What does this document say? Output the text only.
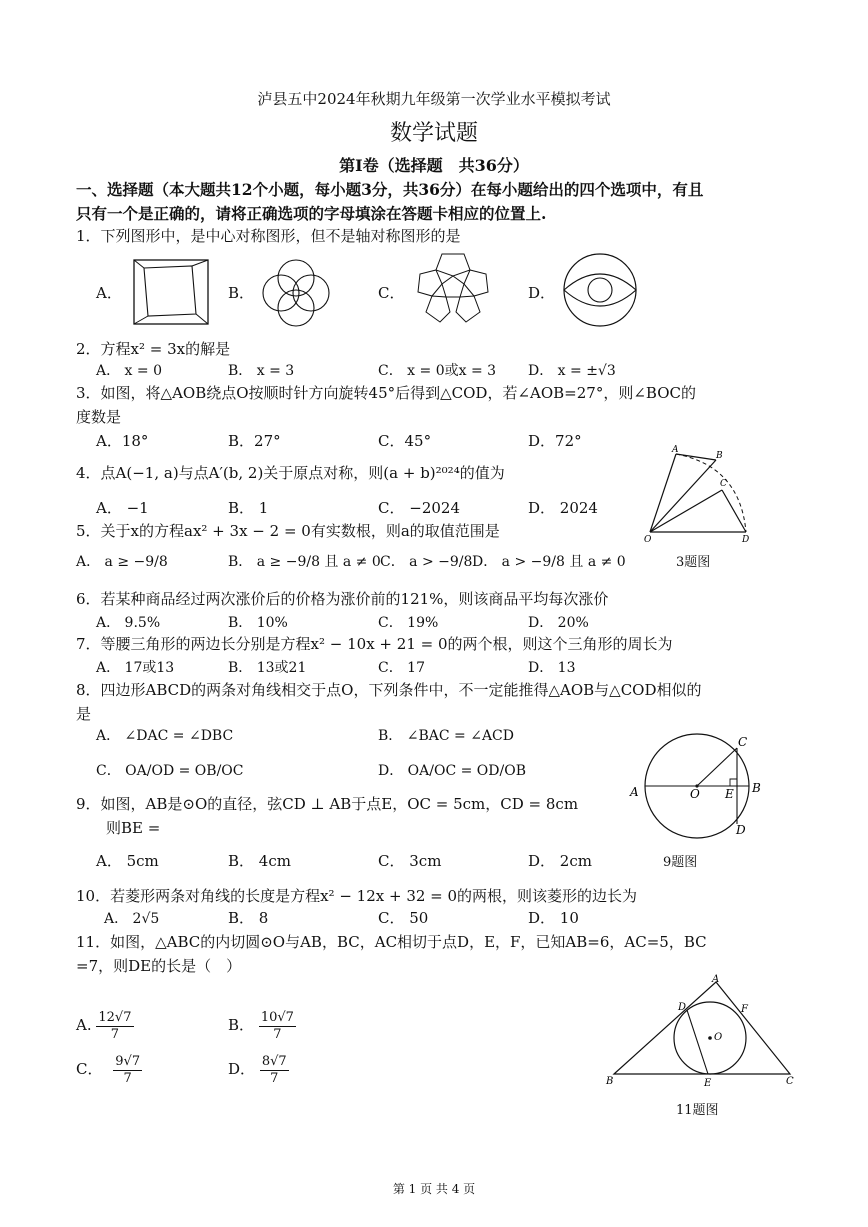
泸县五中2024年秋期九年级第一次学业水平模拟考试
数学试题
第Ⅰ卷（选择题　共36分）
一、选择题（本大题共12个小题，每小题3分，共36分）在每小题给出的四个选项中，有且
只有一个是正确的，请将正确选项的字母填涂在答题卡相应的位置上.
1．下列图形中，是中心对称图形，但不是轴对称图形的是
A．	B．	C．	D．
2．方程x² = 3x的解是
A． x = 0	B． x = 3	C． x = 0或x = 3 D． x = ±√3
3．如图，将△AOB绕点O按顺时针方向旋转45°后得到△COD，若∠AOB=27°，则∠BOC的
度数是
A．18°	B．27°	C．45°	D．72°	A
B
C
O	D
4．点A(−1, a)与点A′(b, 2)关于原点对称，则(a + b)²⁰²⁴的值为
A． −1	B． 1	C． −2024	D． 2024
5．关于x的方程ax² + 3x − 2 = 0有实数根，则a的取值范围是
A． a ≥ −9/8	B． a ≥ −9/8 且 a ≠ 0 C． a > −9/8 D． a > −9/8 且 a ≠ 0	3题图
6．若某种商品经过两次涨价后的价格为涨价前的121%，则该商品平均每次涨价
A． 9.5%	B． 10%	C． 19%	D． 20%
7．等腰三角形的两边长分别是方程x² − 10x + 21 = 0的两个根，则这个三角形的周长为
A． 17或13	B． 13或21	C． 17	D． 13
8．四边形ABCD的两条对角线相交于点O，下列条件中，不一定能推得△AOB与△COD相似的
是
A． ∠DAC = ∠DBC	B． ∠BAC = ∠ACD
C． OA/OD = OB/OC	D． OA/OC = OD/OB
A	O E B
C
D
9．如图，AB是⊙O的直径，弦CD ⊥ AB于点E，OC = 5cm，CD = 8cm
则BE =
A． 5cm	B． 4cm	C． 3cm	D． 2cm	9题图
10．若菱形两条对角线的长度是方程x² − 12x + 32 = 0的两根，则该菱形的边长为
A． 2√5	B． 8	C． 50	D． 10
11．如图，△ABC的内切圆⊙O与AB，BC，AC相切于点D，E，F，已知AB=6，AC=5，BC
=7，则DE的长是（　）
A. $\frac{12√7}{7}$	B． $\frac{10√7}{7}$
C． $\frac{9√7}{7}$	D． $\frac{8√7}{7}$
A
D	F
O
B	E	C
11题图
第 1 页 共 4 页
